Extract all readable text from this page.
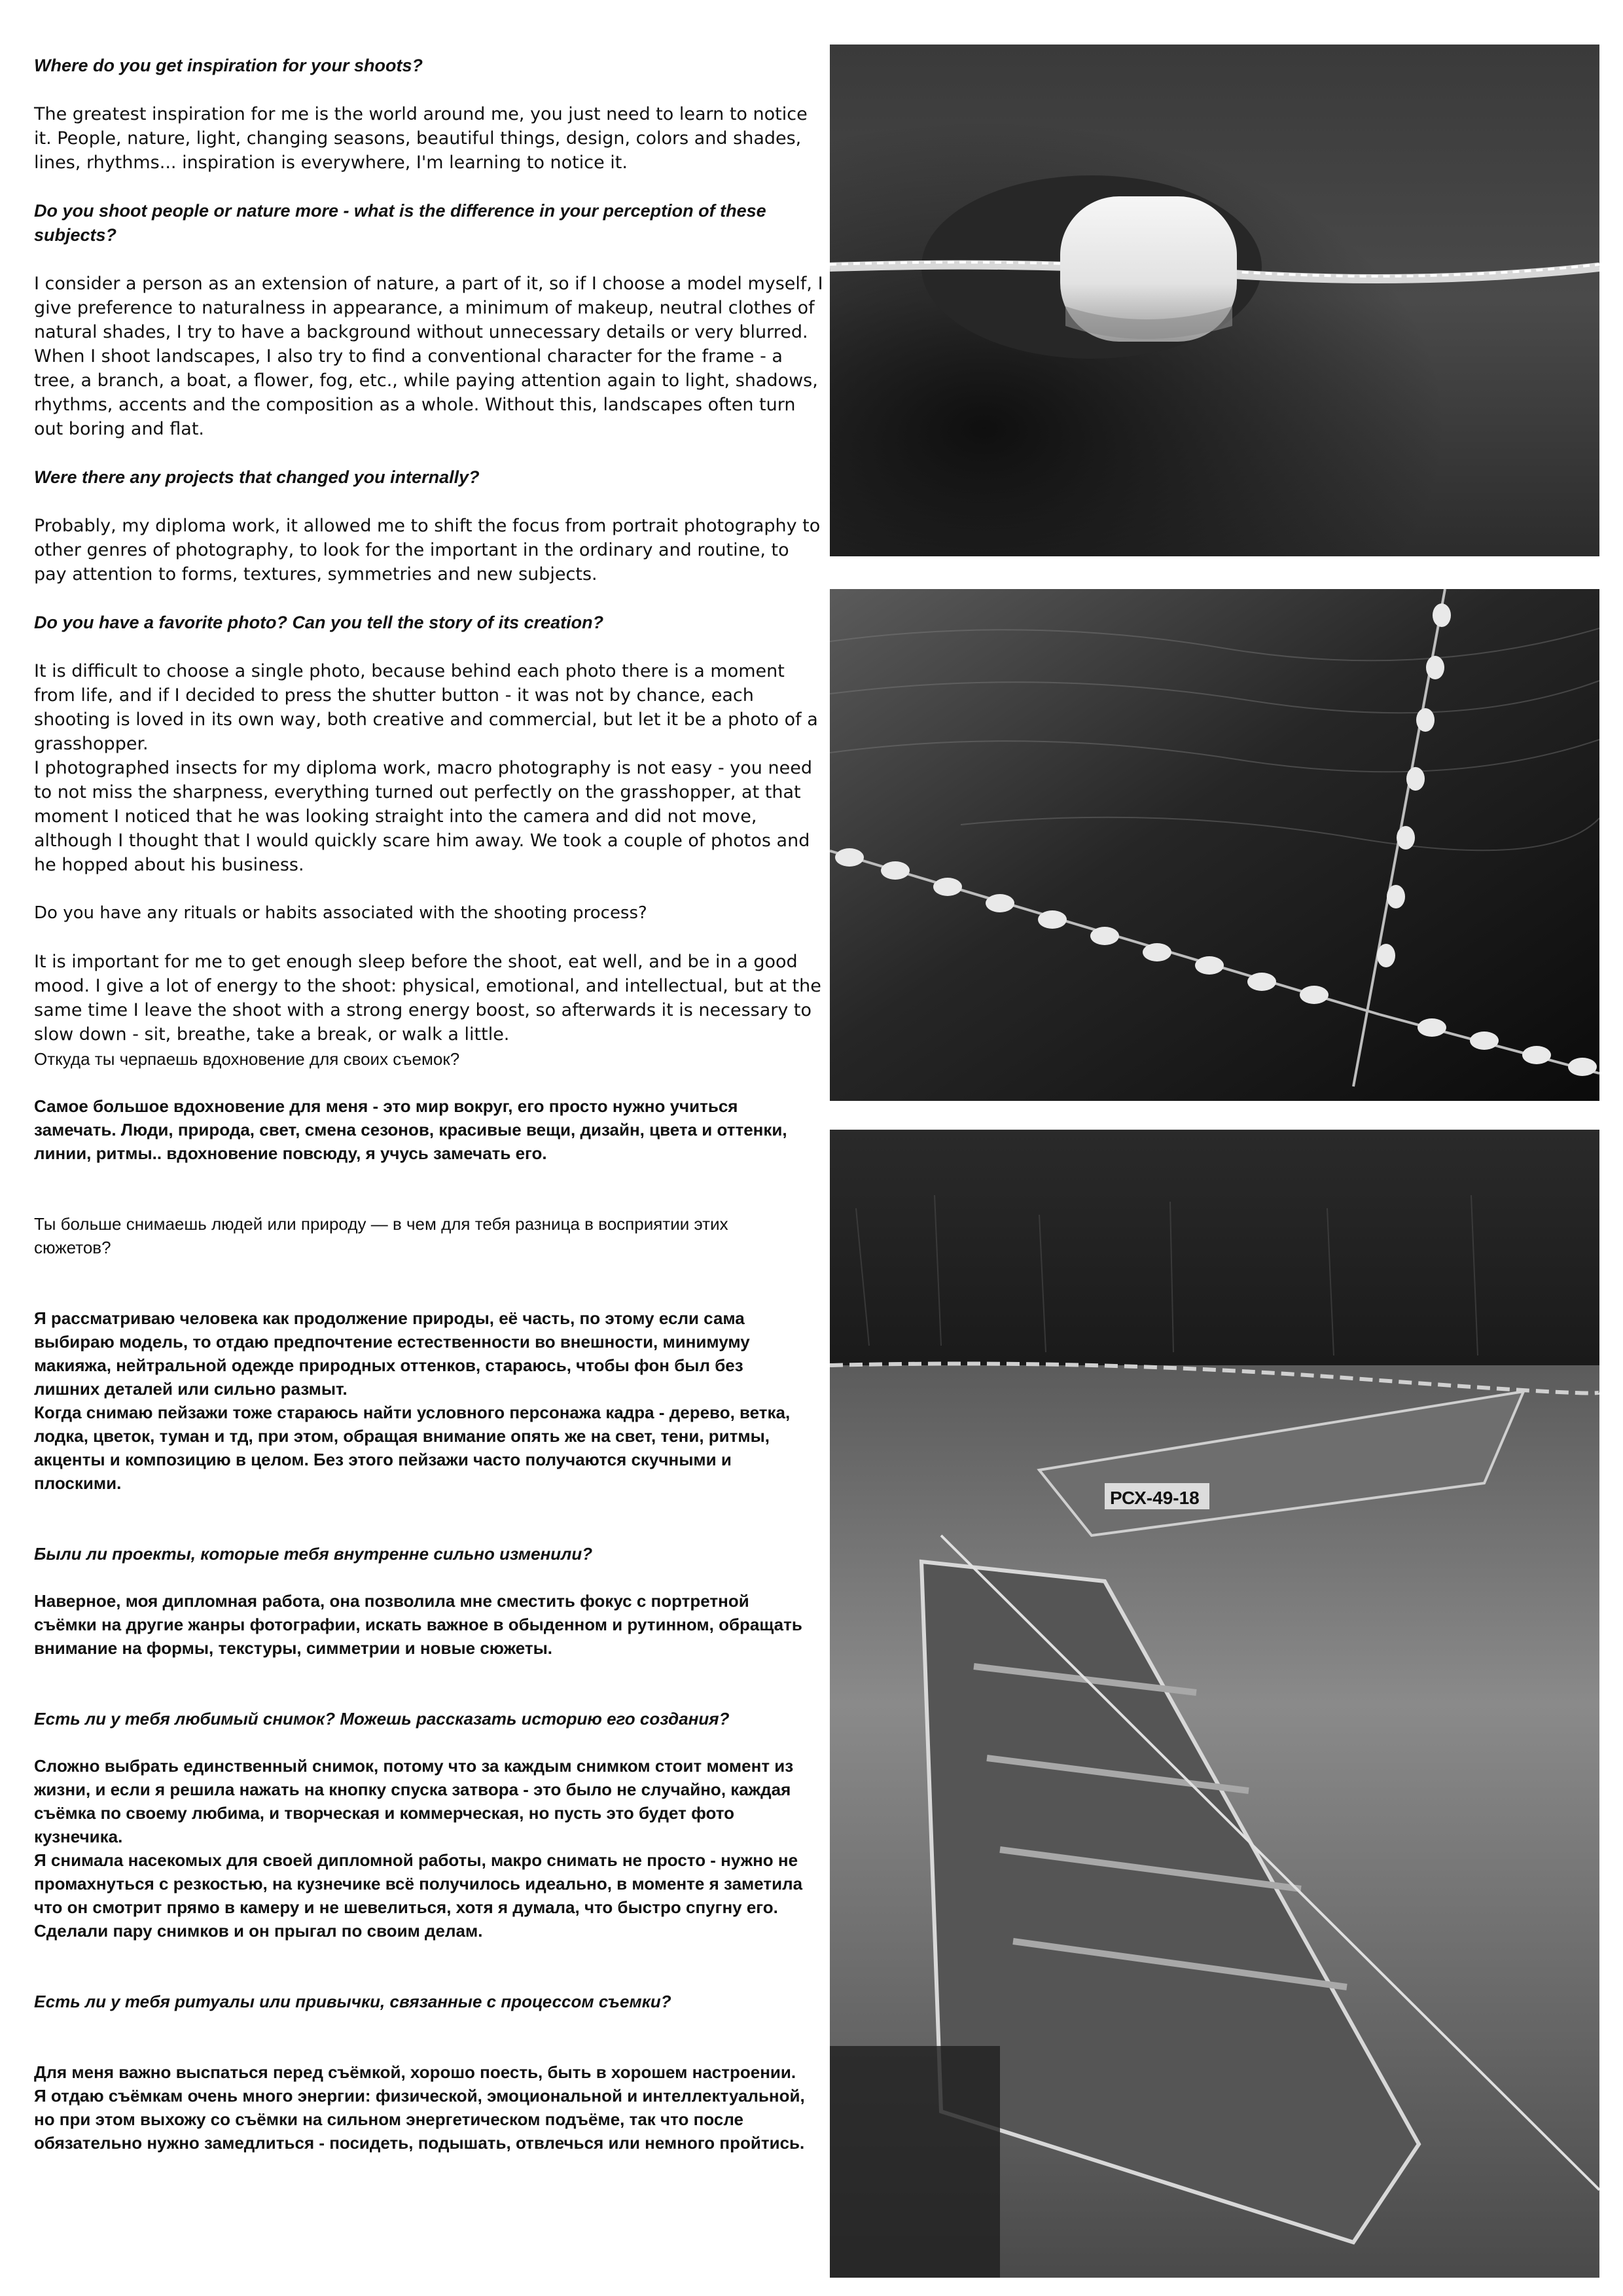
Where do you get inspiration for your shoots?

The greatest inspiration for me is the world around me, you just need to learn to notice it. People, nature, light, changing seasons, beautiful things, design, colors and shades, lines, rhythms... inspiration is everywhere, I'm learning to notice it.

Do you shoot people or nature more - what is the difference in your perception of these subjects?

I consider a person as an extension of nature, a part of it, so if I choose a model myself, I give preference to naturalness in appearance, a minimum of makeup, neutral clothes of natural shades, I try to have a background without unnecessary details or very blurred.
When I shoot landscapes, I also try to find a conventional character for the frame - a tree, a branch, a boat, a flower, fog, etc., while paying attention again to light, shadows, rhythms, accents and the composition as a whole. Without this, landscapes often turn out boring and flat.

Were there any projects that changed you internally?

Probably, my diploma work, it allowed me to shift the focus from portrait photography to other genres of photography, to look for the important in the ordinary and routine, to pay attention to forms, textures, symmetries and new subjects.

Do you have a favorite photo? Can you tell the story of its creation?

It is difficult to choose a single photo, because behind each photo there is a moment from life, and if I decided to press the shutter button - it was not by chance, each shooting is loved in its own way, both creative and commercial, but let it be a photo of a grasshopper.
I photographed insects for my diploma work, macro photography is not easy - you need to not miss the sharpness, everything turned out perfectly on the grasshopper, at that moment I noticed that he was looking straight into the camera and did not move, although I thought that I would quickly scare him away. We took a couple of photos and he hopped about his business.

Do you have any rituals or habits associated with the shooting process?

It is important for me to get enough sleep before the shoot, eat well, and be in a good mood. I give a lot of energy to the shoot: physical, emotional, and intellectual, but at the same time I leave the shoot with a strong energy boost, so afterwards it is necessary to slow down - sit, breathe, take a break, or walk a little.

Откуда ты черпаешь вдохновение для своих съемок?

Самое большое вдохновение для меня - это мир вокруг, его просто нужно учиться замечать. Люди, природа, свет, смена сезонов, красивые вещи, дизайн, цвета и оттенки, линии, ритмы.. вдохновение повсюду, я учусь замечать его.

Ты больше снимаешь людей или природу — в чем для тебя разница в восприятии этих сюжетов?

Я рассматриваю человека как продолжение природы, её часть, по этому если сама выбираю модель, то отдаю предпочтение естественности во внешности, минимуму макияжа, нейтральной одежде природных оттенков, стараюсь, чтобы фон был без лишних деталей или сильно размыт.
Когда снимаю пейзажи тоже стараюсь найти условного персонажа кадра - дерево, ветка, лодка, цветок, туман и тд, при этом, обращая внимание опять же на свет, тени, ритмы, акценты и композицию в целом. Без этого пейзажи часто получаются скучными и плоскими.

Были ли проекты, которые тебя внутренне сильно изменили?

Наверное, моя дипломная работа, она позволила мне сместить фокус с портретной съёмки на другие жанры фотографии, искать важное в обыденном и рутинном, обращать внимание на формы, текстуры, симметрии и новые сюжеты.

Есть ли у тебя любимый снимок? Можешь рассказать историю его создания?

Сложно выбрать единственный снимок, потому что за каждым снимком стоит момент из жизни, и если я решила нажать на кнопку спуска затвора - это было не случайно, каждая съёмка по своему любима, и творческая и коммерческая, но пусть это будет фото кузнечика.
Я снимала насекомых для своей дипломной работы, макро снимать не просто - нужно не промахнуться с резкостью, на кузнечике всё получилось идеально, в моменте я заметила что он смотрит прямо в камеру и не шевелиться, хотя я думала, что быстро спугну его. Сделали пару снимков и он прыгал по своим делам.

Есть ли у тебя ритуалы или привычки, связанные с процессом съемки?

Для меня важно выспаться перед съёмкой, хорошо поесть, быть в хорошем настроении. Я отдаю съёмкам очень много энергии: физической, эмоциональной и интеллектуальной, но при этом выхожу со съёмки на сильном энергетическом подъёме, так что после обязательно нужно замедлиться - посидеть, подышать, отвлечься или немного пройтись.

РСХ-49-18
